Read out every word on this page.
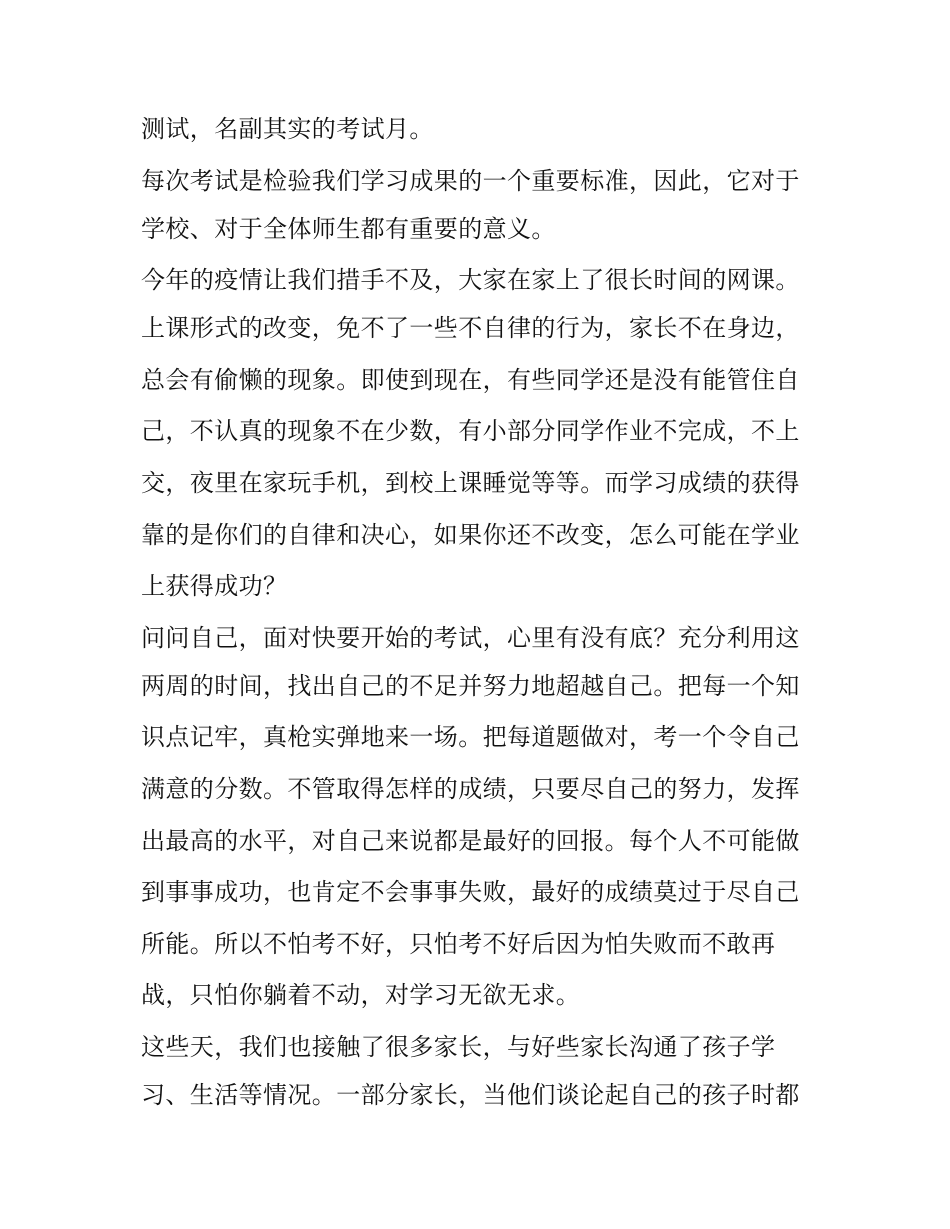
测试，名副其实的考试月。
每次考试是检验我们学习成果的一个重要标准，因此，它对于
学校、对于全体师生都有重要的意义。
今年的疫情让我们措手不及，大家在家上了很长时间的网课。
上课形式的改变，免不了一些不自律的行为，家长不在身边，
总会有偷懒的现象。即使到现在，有些同学还是没有能管住自
己，不认真的现象不在少数，有小部分同学作业不完成，不上
交，夜里在家玩手机，到校上课睡觉等等。而学习成绩的获得
靠的是你们的自律和决心，如果你还不改变，怎么可能在学业
上获得成功？
问问自己，面对快要开始的考试，心里有没有底？充分利用这
两周的时间，找出自己的不足并努力地超越自己。把每一个知
识点记牢，真枪实弹地来一场。把每道题做对，考一个令自己
满意的分数。不管取得怎样的成绩，只要尽自己的努力，发挥
出最高的水平，对自己来说都是最好的回报。每个人不可能做
到事事成功，也肯定不会事事失败，最好的成绩莫过于尽自己
所能。所以不怕考不好，只怕考不好后因为怕失败而不敢再
战，只怕你躺着不动，对学习无欲无求。
这些天，我们也接触了很多家长，与好些家长沟通了孩子学
习、生活等情况。一部分家长，当他们谈论起自己的孩子时都
